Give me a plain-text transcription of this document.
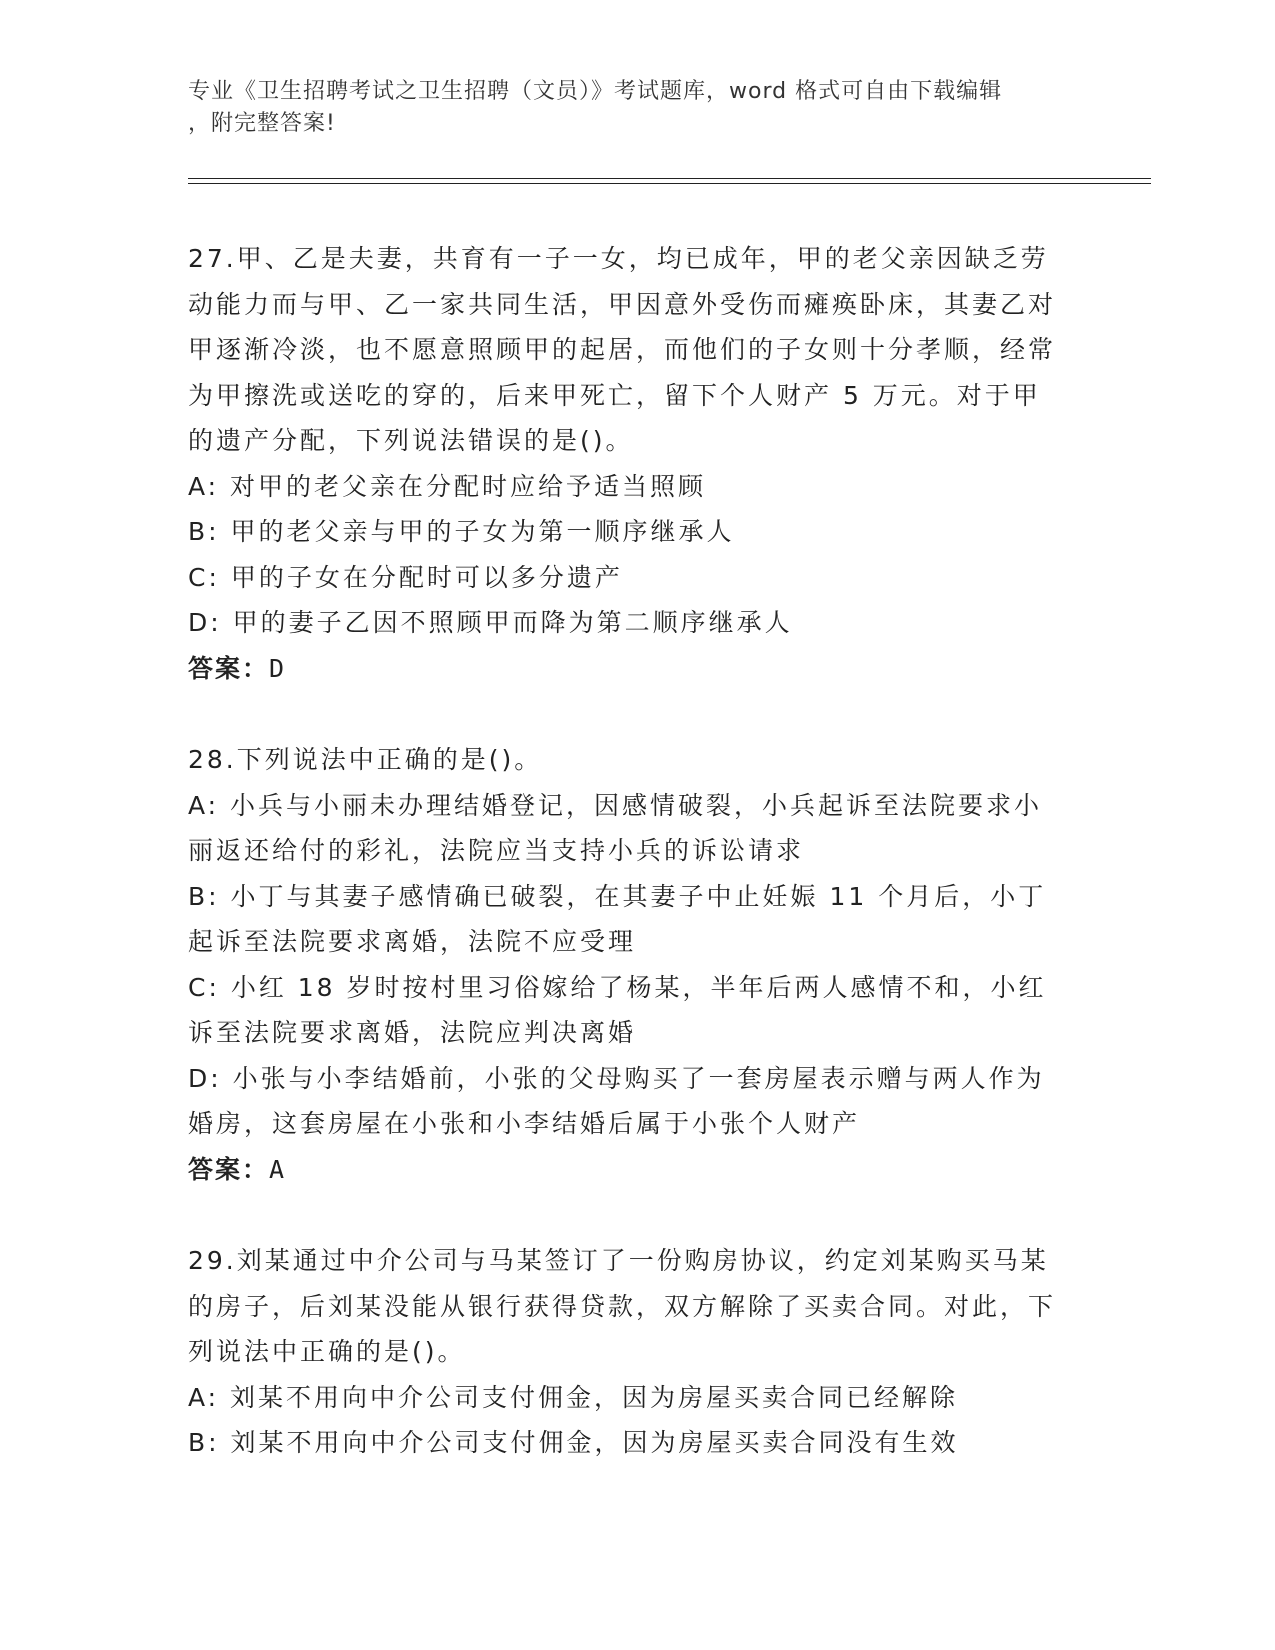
专业《卫生招聘考试之卫生招聘（文员）》考试题库，word 格式可自由下载编辑
，附完整答案!
27.甲、乙是夫妻，共育有一子一女，均已成年，甲的老父亲因缺乏劳动能力而与甲、乙一家共同生活，甲因意外受伤而瘫痪卧床，其妻乙对甲逐渐冷淡，也不愿意照顾甲的起居，而他们的子女则十分孝顺，经常为甲擦洗或送吃的穿的，后来甲死亡，留下个人财产 5 万元。对于甲的遗产分配，下列说法错误的是()。
A: 对甲的老父亲在分配时应给予适当照顾
B: 甲的老父亲与甲的子女为第一顺序继承人
C: 甲的子女在分配时可以多分遗产
D: 甲的妻子乙因不照顾甲而降为第二顺序继承人
答案：D
28.下列说法中正确的是()。
A: 小兵与小丽未办理结婚登记，因感情破裂，小兵起诉至法院要求小丽返还给付的彩礼，法院应当支持小兵的诉讼请求
B: 小丁与其妻子感情确已破裂，在其妻子中止妊娠 11 个月后，小丁起诉至法院要求离婚，法院不应受理
C: 小红 18 岁时按村里习俗嫁给了杨某，半年后两人感情不和，小红诉至法院要求离婚，法院应判决离婚
D: 小张与小李结婚前，小张的父母购买了一套房屋表示赠与两人作为婚房，这套房屋在小张和小李结婚后属于小张个人财产
答案：A
29.刘某通过中介公司与马某签订了一份购房协议，约定刘某购买马某的房子，后刘某没能从银行获得贷款，双方解除了买卖合同。对此，下列说法中正确的是()。
A: 刘某不用向中介公司支付佣金，因为房屋买卖合同已经解除
B: 刘某不用向中介公司支付佣金，因为房屋买卖合同没有生效
